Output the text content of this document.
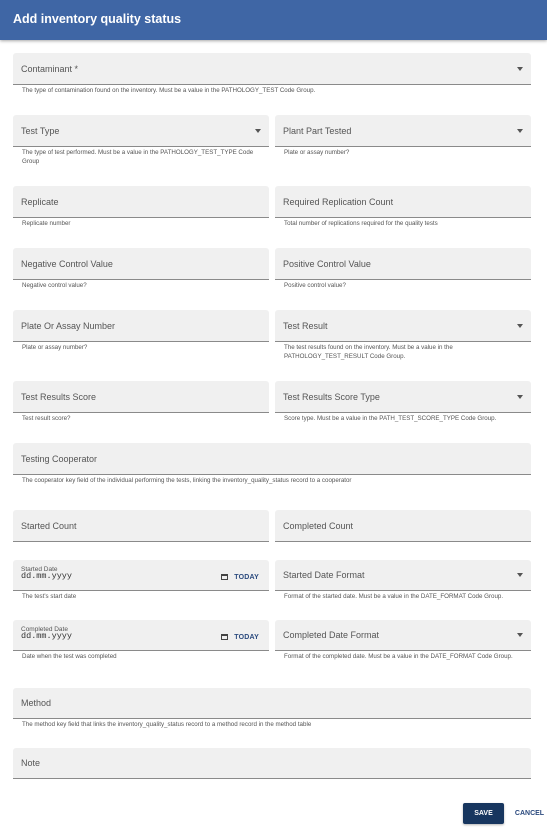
Add inventory quality status
Contaminant *
The type of contamination found on the inventory. Must be a value in the PATHOLOGY_TEST Code Group.
Test Type
The type of test performed. Must be a value in the PATHOLOGY_TEST_TYPE Code Group
Plant Part Tested
Plate or assay number?
Replicate
Replicate number
Required Replication Count
Total number of replications required for the quality tests
Negative Control Value
Negative control value?
Positive Control Value
Positive control value?
Plate Or Assay Number
Plate or assay number?
Test Result
The test results found on the inventory. Must be a value in the PATHOLOGY_TEST_RESULT Code Group.
Test Results Score
Test result score?
Test Results Score Type
Score type. Must be a value in the PATH_TEST_SCORE_TYPE Code Group.
Testing Cooperator
The cooperator key field of the individual performing the tests, linking the inventory_quality_status record to a cooperator
Started Count	Completed Count
Started Date
dd.mm.yyyy	TODAY
The test's start date
Started Date Format
Format of the started date. Must be a value in the DATE_FORMAT Code Group.
Completed Date
dd.mm.yyyy	TODAY
Date when the test was completed
Completed Date Format
Format of the completed date. Must be a value in the DATE_FORMAT Code Group.
Method
The method key field that links the inventory_quality_status record to a method record in the method table
Note
SAVE	CANCEL
